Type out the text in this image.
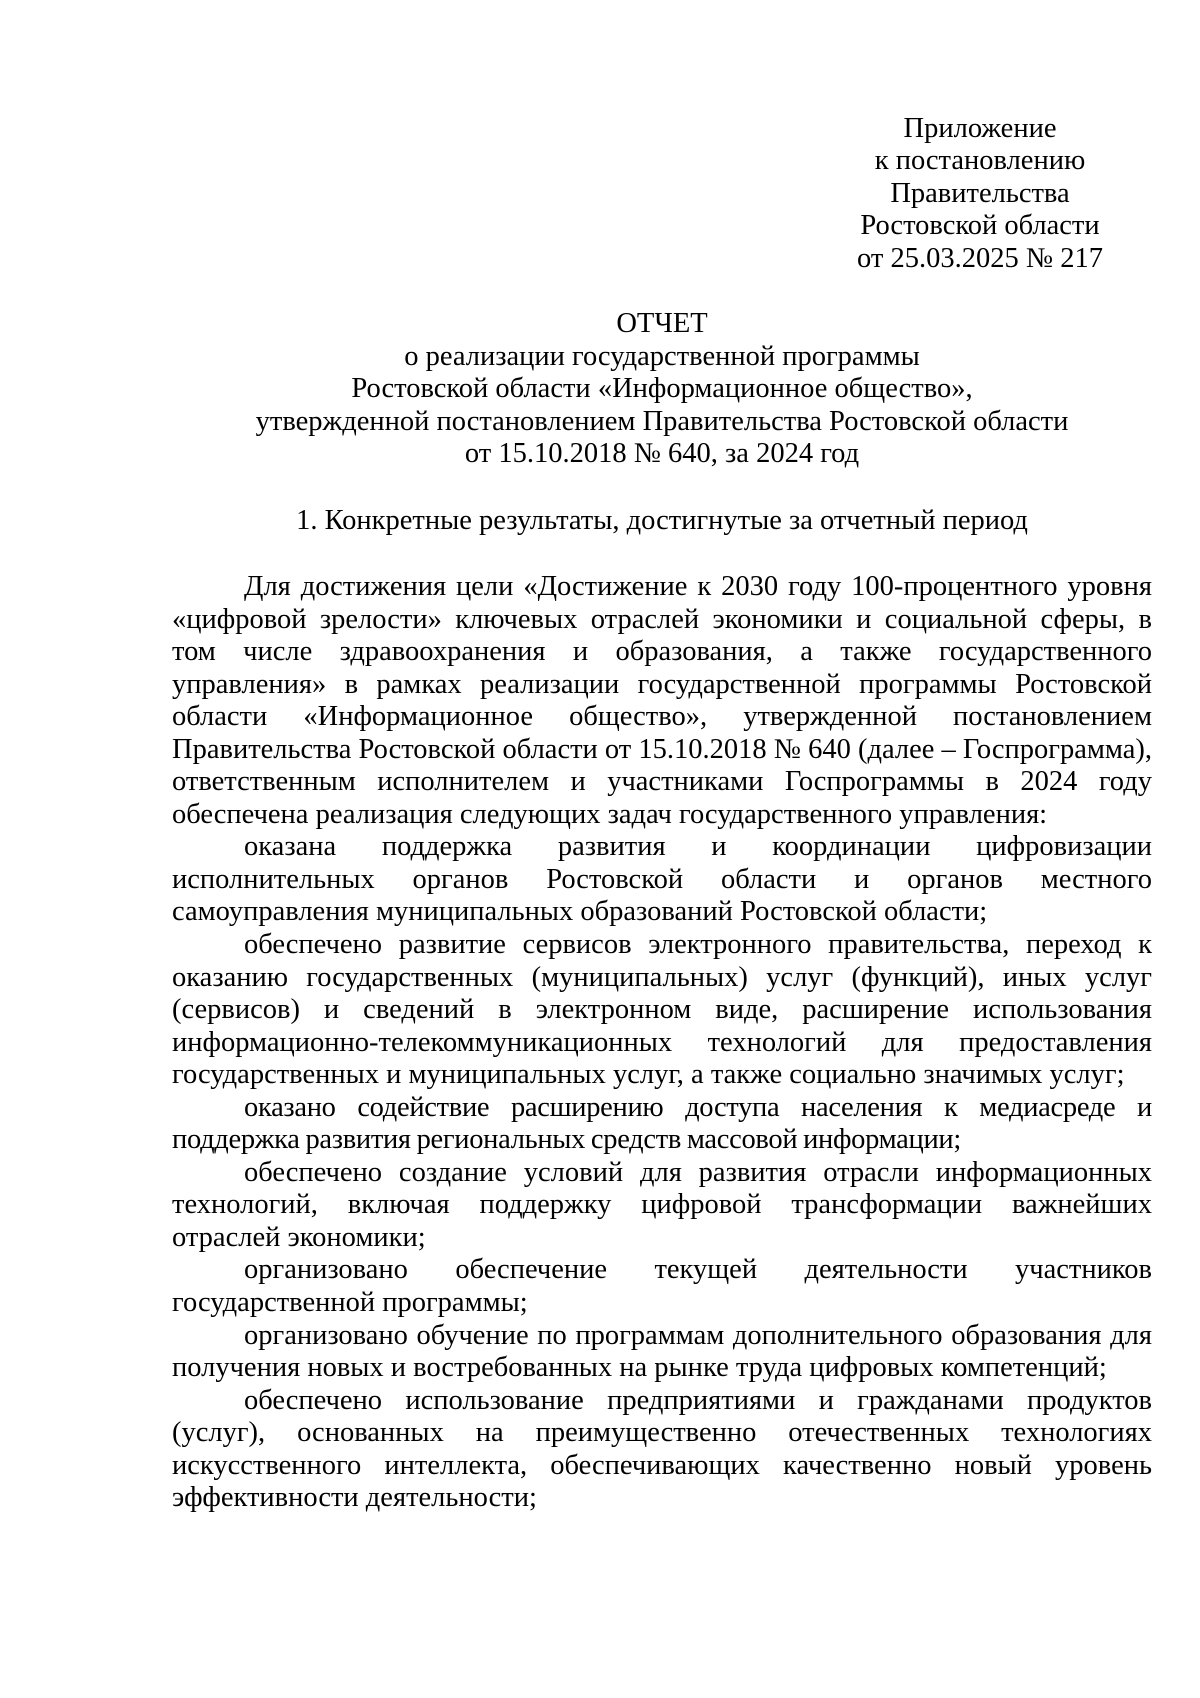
Приложение
к постановлению
Правительства
Ростовской области
от 25.03.2025 № 217
ОТЧЕТ
о реализации государственной программы
Ростовской области «Информационное общество»,
утвержденной постановлением Правительства Ростовской области
от 15.10.2018 № 640, за 2024 год
1. Конкретные результаты, достигнутые за отчетный период

Для достижения цели «Достижение к 2030 году 100-процентного уровня «цифровой зрелости» ключевых отраслей экономики и социальной сферы, в том числе здравоохранения и образования, а также государственного управления» в рамках реализации государственной программы Ростовской области «Информационное общество», утвержденной постановлением Правительства Ростовской области от 15.10.2018 № 640 (далее – Госпрограмма), ответственным исполнителем и участниками Госпрограммы в 2024 году обеспечена реализация следующих задач государственного управления:

оказана поддержка развития и координации цифровизации исполнительных органов Ростовской области и органов местного самоуправления муниципальных образований Ростовской области;

обеспечено развитие сервисов электронного правительства, переход к оказанию государственных (муниципальных) услуг (функций), иных услуг (сервисов) и сведений в электронном виде, расширение использования информационно-телекоммуникационных технологий для предоставления государственных и муниципальных услуг, а также социально значимых услуг;

оказано содействие расширению доступа населения к медиасреде и поддержка развития региональных средств массовой информации;

обеспечено создание условий для развития отрасли информационных технологий, включая поддержку цифровой трансформации важнейших отраслей экономики;

организовано обеспечение текущей деятельности участников государственной программы;

организовано обучение по программам дополнительного образования для получения новых и востребованных на рынке труда цифровых компетенций;

обеспечено использование предприятиями и гражданами продуктов (услуг), основанных на преимущественно отечественных технологиях искусственного интеллекта, обеспечивающих качественно новый уровень эффективности деятельности;
